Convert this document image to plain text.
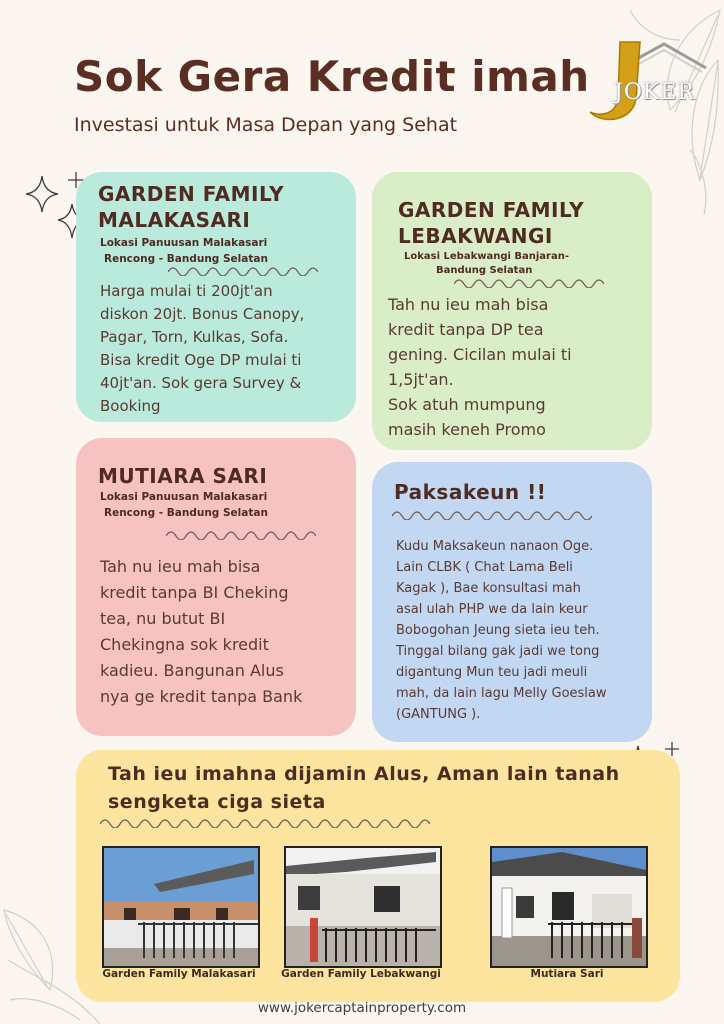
Sok Gera Kredit imah

Investasi untuk Masa Depan yang Sehat

JOKER
GARDEN FAMILY
MALAKASARI

Lokasi Panuusan Malakasari

Rencong - Bandung Selatan

Harga mulai ti 200jt'an
diskon 20jt. Bonus Canopy,
Pagar, Torn, Kulkas, Sofa.
Bisa kredit Oge DP mulai ti
40jt'an. Sok gera Survey &
Booking
GARDEN FAMILY
LEBAKWANGI

Lokasi Lebakwangi Banjaran-

Bandung Selatan

Tah nu ieu mah bisa
kredit tanpa DP tea
gening. Cicilan mulai ti
1,5jt'an.
Sok atuh mumpung
masih keneh Promo
MUTIARA SARI

Lokasi Panuusan Malakasari

Rencong - Bandung Selatan

Tah nu ieu mah bisa
kredit tanpa BI Cheking
tea, nu butut BI
Chekingna sok kredit
kadieu. Bangunan Alus
nya ge kredit tanpa Bank
Paksakeun !!
Kudu Maksakeun nanaon Oge.
Lain CLBK ( Chat Lama Beli
Kagak ), Bae konsultasi mah
asal ulah PHP we da lain keur
Bobogohan Jeung sieta ieu teh.
Tinggal bilang gak jadi we tong
digantung Mun teu jadi meuli
mah, da lain lagu Melly Goeslaw
(GANTUNG ).
Tah ieu imahna dijamin Alus, Aman lain tanah
sengketa ciga sieta
Garden Family Malakasari	Garden Family Lebakwangi	Mutiara Sari
www.jokercaptainproperty.com
